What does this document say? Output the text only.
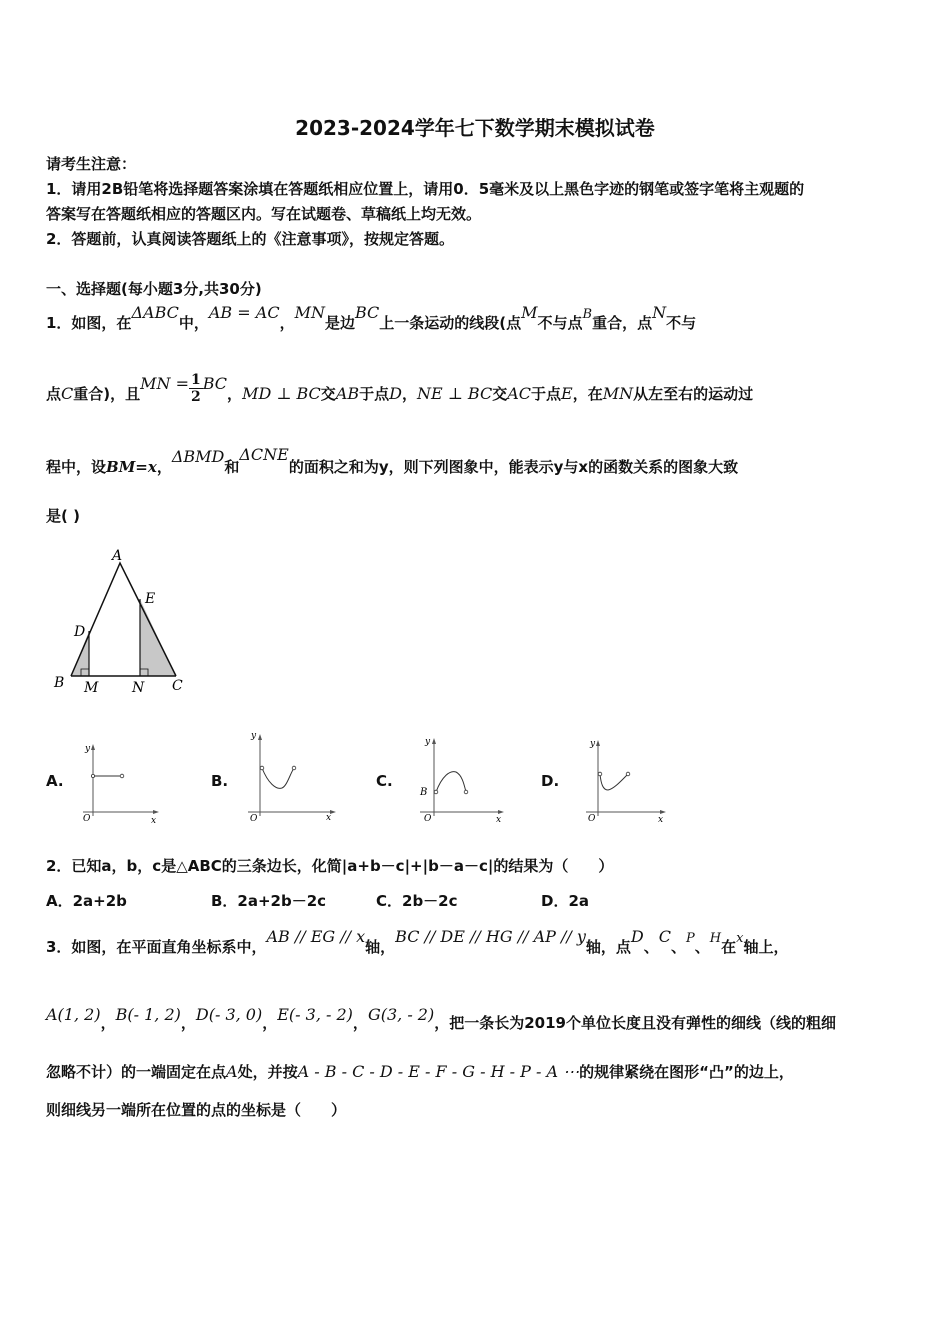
2023-2024学年七下数学期末模拟试卷
请考生注意：
1．请用2B铅笔将选择题答案涂填在答题纸相应位置上，请用0．5毫米及以上黑色字迹的钢笔或签字笔将主观题的
答案写在答题纸相应的答题区内。写在试题卷、草稿纸上均无效。
2．答题前，认真阅读答题纸上的《注意事项》，按规定答题。
一、选择题(每小题3分,共30分)
1．如图，在ΔABC中，AB = AC，MN是边BC上一条运动的线段(点M不与点B重合，点N不与
点C重合)，且MN = $\frac{1}{2}$ BC，MD ⊥ BC交AB于点D，NE ⊥ BC交AC于点E，在MN从左至右的运动过
程中，设BM=x，ΔBMD和ΔCNE的面积之和为y，则下列图象中，能表示y与x的函数关系的图象大致
是( )
A
E
D
B M N C
A.
y
x
O
B.
y
x
O
C.
y
B
x
O
D.
y
x
O
2．已知a，b，c是△ABC的三条边长，化简|a+b－c|+|b－a－c|的结果为（　　）
A．2a+2b	B．2a+2b－2c	C．2b－2c	D．2a
3．如图，在平面直角坐标系中，AB // EG // x轴，BC // DE // HG // AP // y轴，点D、C、P、H在x轴上，
A(1, 2)，B(- 1, 2)，D(- 3, 0)，E(- 3, - 2)，G(3, - 2)，把一条长为2019个单位长度且没有弹性的细线（线的粗细
忽略不计）的一端固定在点A处，并按A - B - C - D - E - F - G - H - P - A ⋯的规律紧绕在图形“凸”的边上，
则细线另一端所在位置的点的坐标是（　　）
